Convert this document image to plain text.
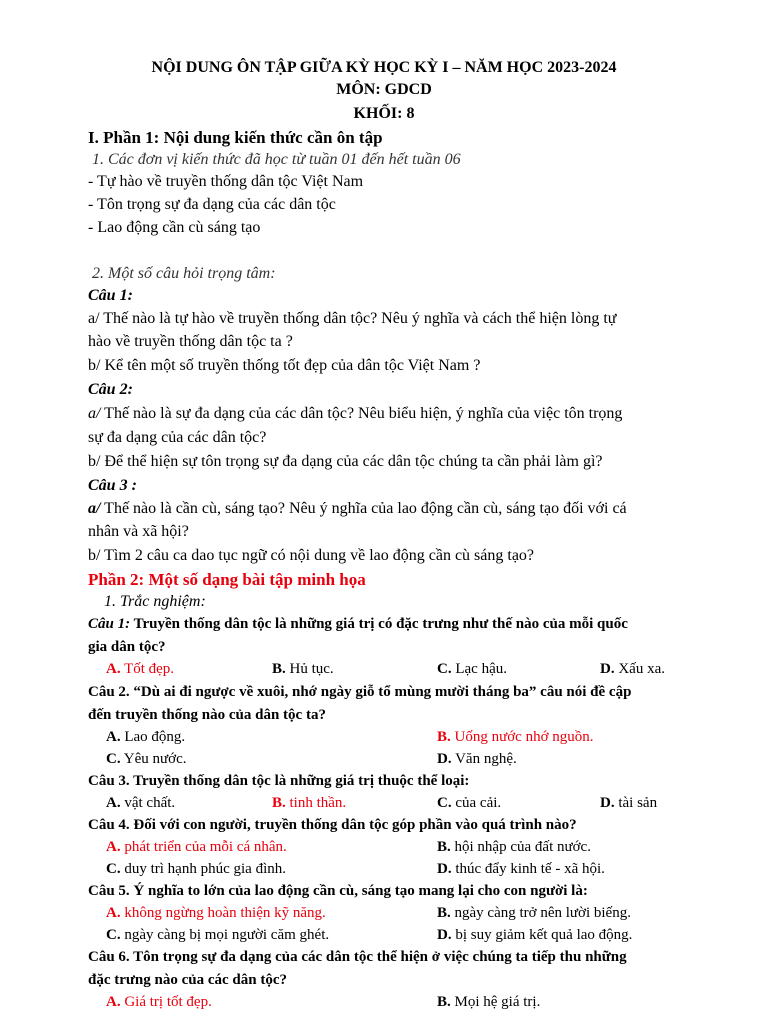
NỘI DUNG ÔN TẬP GIỮA KỲ HỌC KỲ I – NĂM HỌC 2023-2024
MÔN: GDCD
KHỐI: 8
I. Phần 1: Nội dung kiến thức cần ôn tập
1. Các đơn vị kiến thức đã học từ tuần 01 đến hết tuần 06
- Tự hào về truyền thống dân tộc Việt Nam
- Tôn trọng sự đa dạng của các dân tộc
- Lao động cần cù sáng tạo
2. Một số câu hỏi trọng tâm:
Câu 1:
a/ Thế nào là tự hào về truyền thống dân tộc? Nêu ý nghĩa và cách thể hiện lòng tự
hào về truyền thống dân tộc ta ?
b/ Kể tên một số truyền thống tốt đẹp của dân tộc Việt Nam ?
Câu 2:
a/ Thế nào là sự đa dạng của các dân tộc? Nêu biểu hiện, ý nghĩa của việc tôn trọng
sự đa dạng của các dân tộc?
b/ Để thể hiện sự tôn trọng sự đa dạng của các dân tộc chúng ta cần phải làm gì?
Câu 3 :
a/ Thế nào là cần cù, sáng tạo? Nêu ý nghĩa của lao động cần cù, sáng tạo đối với cá
nhân và xã hội?
b/ Tìm 2 câu ca dao tục ngữ có nội dung về lao động cần cù sáng tạo?
Phần 2: Một số dạng bài tập minh họa
1. Trắc nghiệm:
Câu 1: Truyền thống dân tộc là những giá trị có đặc trưng như thế nào của mỗi quốc
gia dân tộc?
A. Tốt đẹp.	B. Hủ tục.	C. Lạc hậu.	D. Xấu xa.
Câu 2. “Dù ai đi ngược về xuôi, nhớ ngày giỗ tổ mùng mười tháng ba” câu nói đề cập
đến truyền thống nào của dân tộc ta?
A. Lao động.	B. Uống nước nhớ nguồn.
C. Yêu nước.	D. Văn nghệ.
Câu 3. Truyền thống dân tộc là những giá trị thuộc thể loại:
A. vật chất.	B. tinh thần.	C. của cải.	D. tài sản
Câu 4. Đối với con người, truyền thống dân tộc góp phần vào quá trình nào?
A. phát triển của mỗi cá nhân.	B. hội nhập của đất nước.
C. duy trì hạnh phúc gia đình.	D. thúc đẩy kinh tế - xã hội.
Câu 5. Ý nghĩa to lớn của lao động cần cù, sáng tạo mang lại cho con người là:
A. không ngừng hoàn thiện kỹ năng.	B. ngày càng trở nên lười biếng.
C. ngày càng bị mọi người căm ghét.	D. bị suy giảm kết quả lao động.
Câu 6. Tôn trọng sự đa dạng của các dân tộc thể hiện ở việc chúng ta tiếp thu những
đặc trưng nào của các dân tộc?
A. Giá trị tốt đẹp.	B. Mọi hệ giá trị.
